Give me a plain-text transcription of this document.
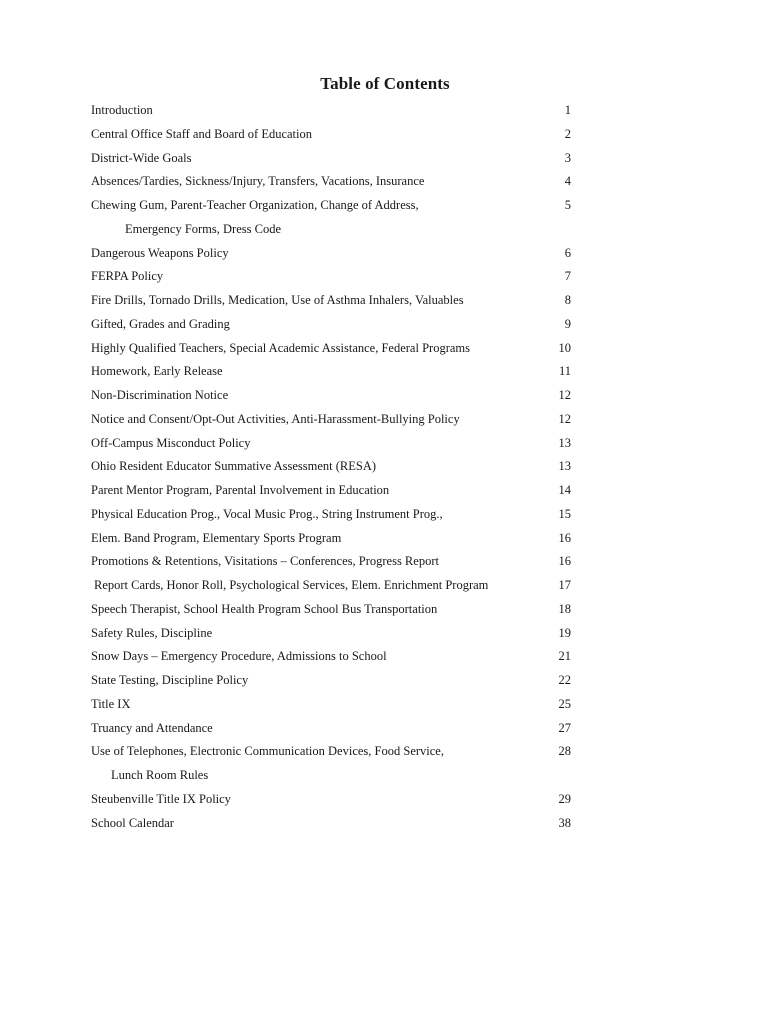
Table of Contents
Introduction	1
Central Office Staff and Board of Education	2
District-Wide Goals	3
Absences/Tardies, Sickness/Injury, Transfers, Vacations, Insurance	4
Chewing Gum, Parent-Teacher Organization, Change of Address,	5
Emergency Forms, Dress Code
Dangerous Weapons Policy	6
FERPA Policy	7
Fire Drills, Tornado Drills, Medication, Use of Asthma Inhalers, Valuables	8
Gifted, Grades and Grading	9
Highly Qualified Teachers, Special Academic Assistance, Federal Programs	10
Homework, Early Release	11
Non-Discrimination Notice	12
Notice and Consent/Opt-Out Activities, Anti-Harassment-Bullying Policy	12
Off-Campus Misconduct Policy	13
Ohio Resident Educator Summative Assessment (RESA)	13
Parent Mentor Program, Parental Involvement in Education	14
Physical Education Prog., Vocal Music Prog., String Instrument Prog.,	15
Elem. Band Program, Elementary Sports Program	16
Promotions & Retentions, Visitations – Conferences, Progress Report	16
Report Cards, Honor Roll, Psychological Services, Elem. Enrichment Program	17
Speech Therapist, School Health Program School Bus Transportation	18
Safety Rules, Discipline	19
Snow Days – Emergency Procedure, Admissions to School	21
State Testing, Discipline Policy	22
Title IX	25
Truancy and Attendance	27
Use of Telephones, Electronic Communication Devices, Food Service,	28
Lunch Room Rules
Steubenville Title IX Policy	29
School Calendar	38
